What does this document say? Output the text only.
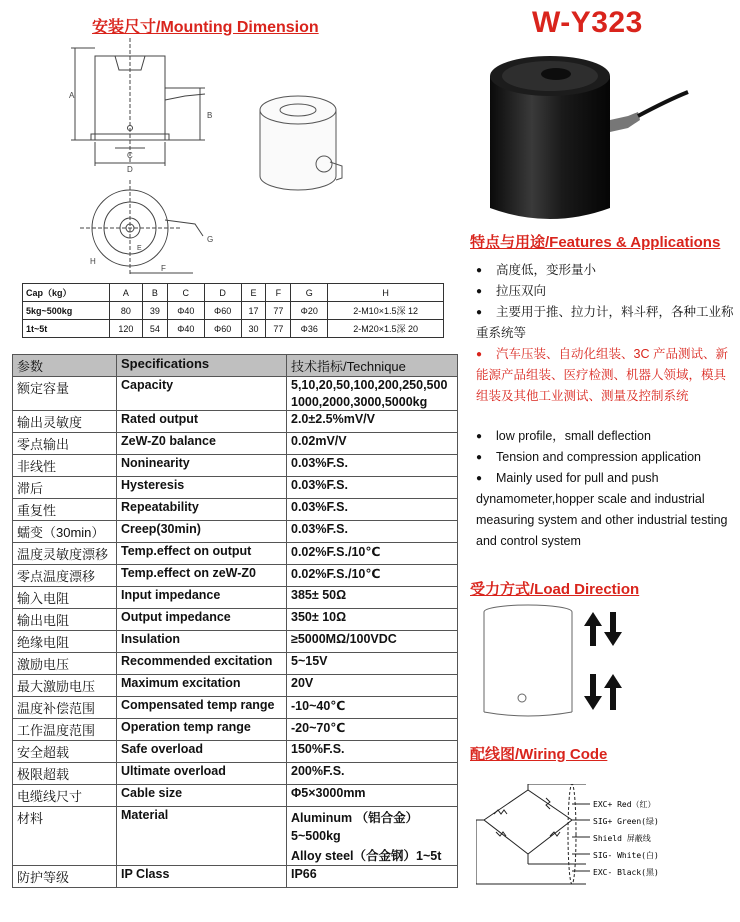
安装尺寸/Mounting Dimension	W-Y323
A
B
C
D
H
G
F
E
Cap（kg）	A	B	C	D	E	F	G	H
5kg~500kg	80	39	Φ40	Φ60	17	77	Φ20	2-M10×1.5深 12
1t~5t	120	54	Φ40	Φ60	30	77	Φ36	2-M20×1.5深 20
参数	Specifications	技术指标/Technique
额定容量	Capacity	5,10,20,50,100,200,250,500
1000,2000,3000,5000kg

输出灵敏度	Rated output	2.0±2.5%mV/V

零点输出	ZeW-Z0 balance	0.02mV/V

非线性	Noninearity	0.03%F.S.

滞后	Hysteresis	0.03%F.S.

重复性	Repeatability	0.03%F.S.

蠕变（30min）	Creep(30min)	0.03%F.S.

温度灵敏度漂移	Temp.effect on output	0.02%F.S./10℃

零点温度漂移	Temp.effect on zeW-Z0	0.02%F.S./10℃

输入电阻	Input impedance	385± 50Ω

输出电阻	Output impedance	350± 10Ω

绝缘电阻	Insulation	≥5000MΩ/100VDC

激励电压	Recommended excitation	5~15V

最大激励电压	Maximum excitation	20V

温度补偿范围	Compensated temp range	-10~40℃

工作温度范围	Operation temp range	-20~70℃

安全超载	Safe overload	150%F.S.

极限超载	Ultimate overload	200%F.S.

电缆线尺寸	Cable size	Φ5×3000mm

材料	Material	Aluminum （铝合金）
5~500kg
Alloy steel（合金钢）1~5t

防护等级	IP Class	IP66
特点与用途/Features & Applications
● 高度低，变形量小
● 拉压双向
● 主要用于推、拉力计，料斗秤，各种工业称重系统等
● 汽车压装、自动化组装、3C 产品测试、新能源产品组装、医疗检测、机器人领域，模具组装及其他工业测试、测量及控制系统
● low profile，small deflection
● Tension and compression application
● Mainly used for pull and push dynamometer,hopper scale and industrial measuring system and other industrial testing and control system
受力方式/Load Direction
配线图/Wiring Code
EXC+ Red（红）
SIG+ Green(绿)
Shield 屏蔽线
SIG- White(白)
EXC- Black(黑)
